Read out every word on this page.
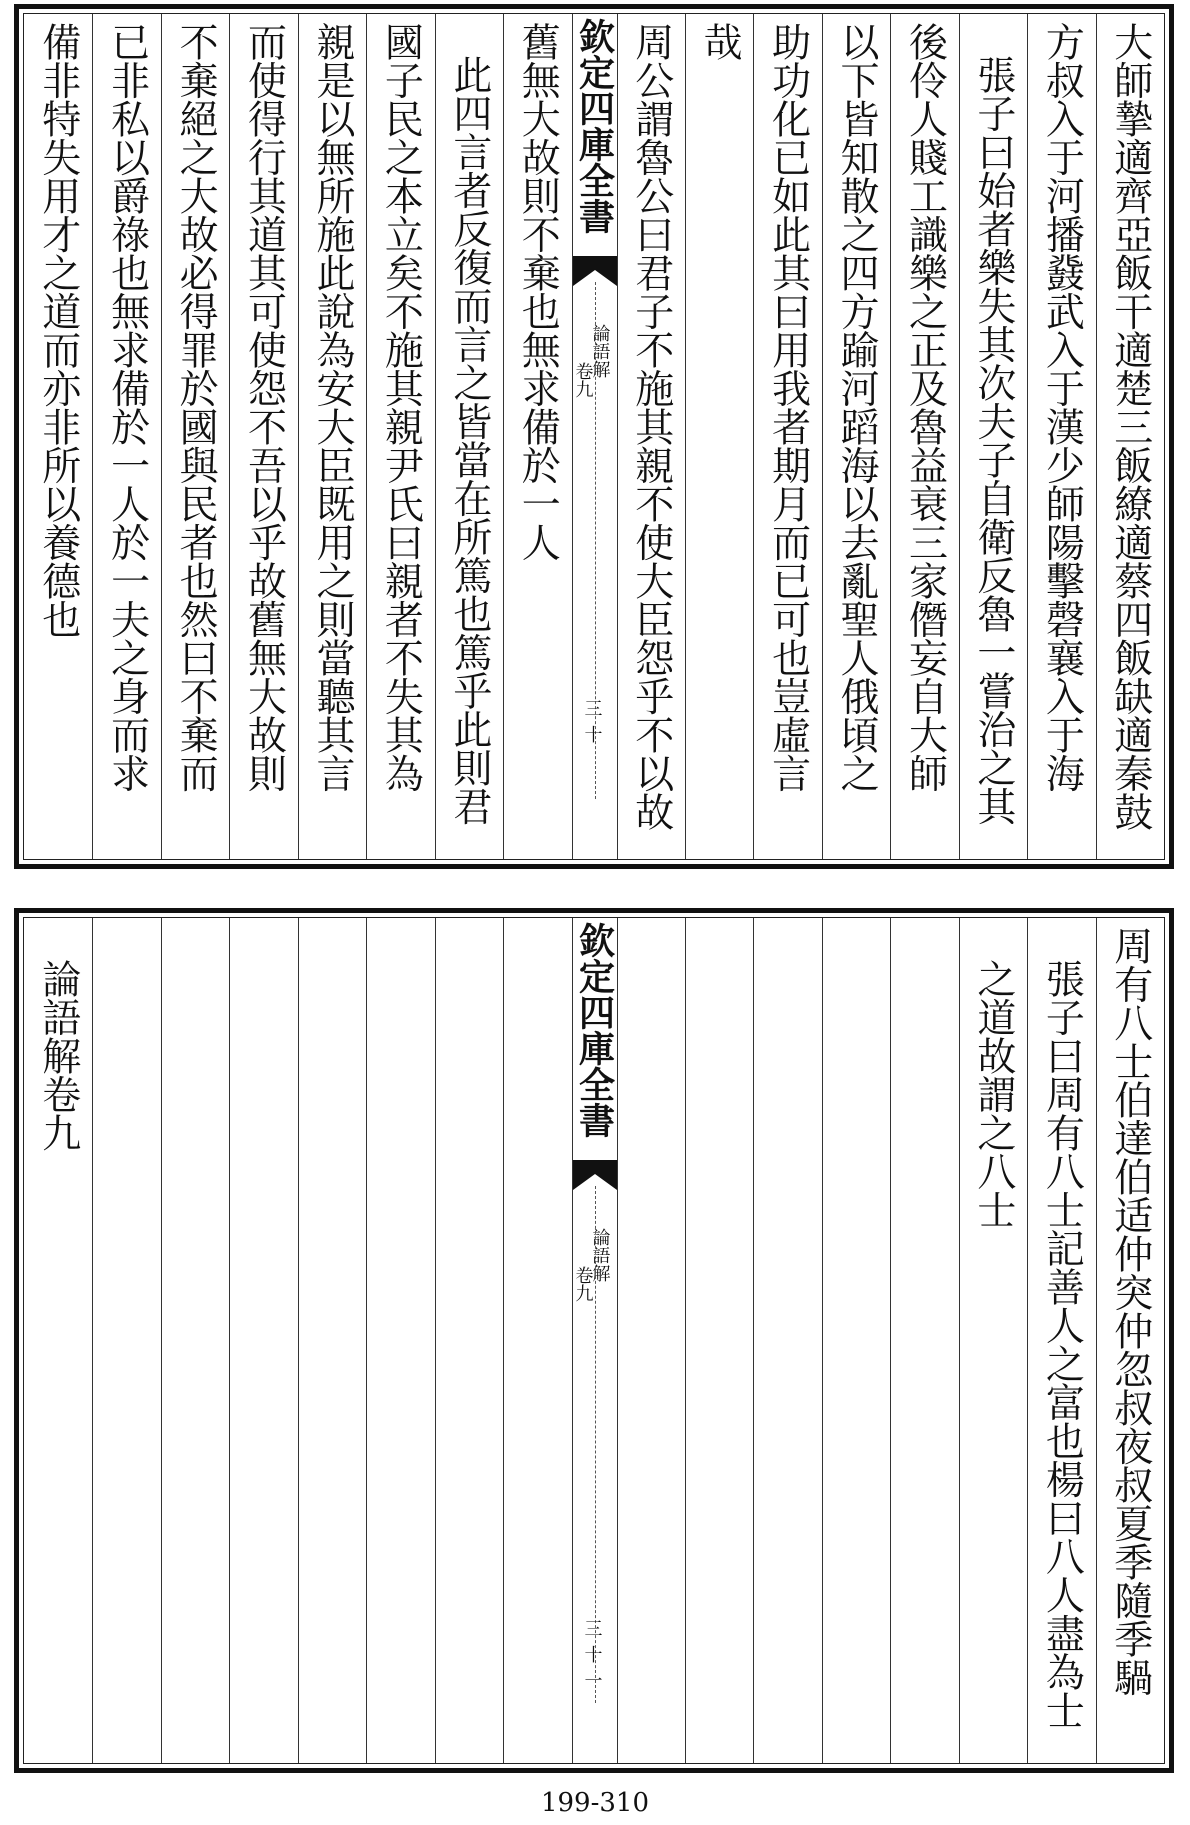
大師摯適齊亞飯干適楚三飯繚適蔡四飯缺適秦鼓
方叔入于河播鼗武入于漢少師陽擊磬襄入于海
張子曰始者樂失其次夫子自衛反魯一嘗治之其
後伶人賤工識樂之正及魯益衰三家僭妄自大師
以下皆知散之四方踰河蹈海以去亂聖人俄頃之
助功化已如此其曰用我者期月而已可也豈虛言
哉
周公謂魯公曰君子不施其親不使大臣怨乎不以故
欽定四庫全書
論語解
卷九
三十
舊無大故則不棄也無求備於一人
此四言者反復而言之皆當在所篤也篤乎此則君
國子民之本立矣不施其親尹氏曰親者不失其為
親是以無所施此說為安大臣既用之則當聽其言
而使得行其道其可使怨不吾以乎故舊無大故則
不棄絕之大故必得罪於國與民者也然曰不棄而
已非私以爵祿也無求備於一人於一夫之身而求
備非特失用才之道而亦非所以養德也
周有八士伯達伯适仲突仲忽叔夜叔夏季隨季騧
張子曰周有八士記善人之富也楊曰八人盡為士
之道故謂之八士
欽定四庫全書
論語解
卷九
三十一
論語解卷九
199-310
